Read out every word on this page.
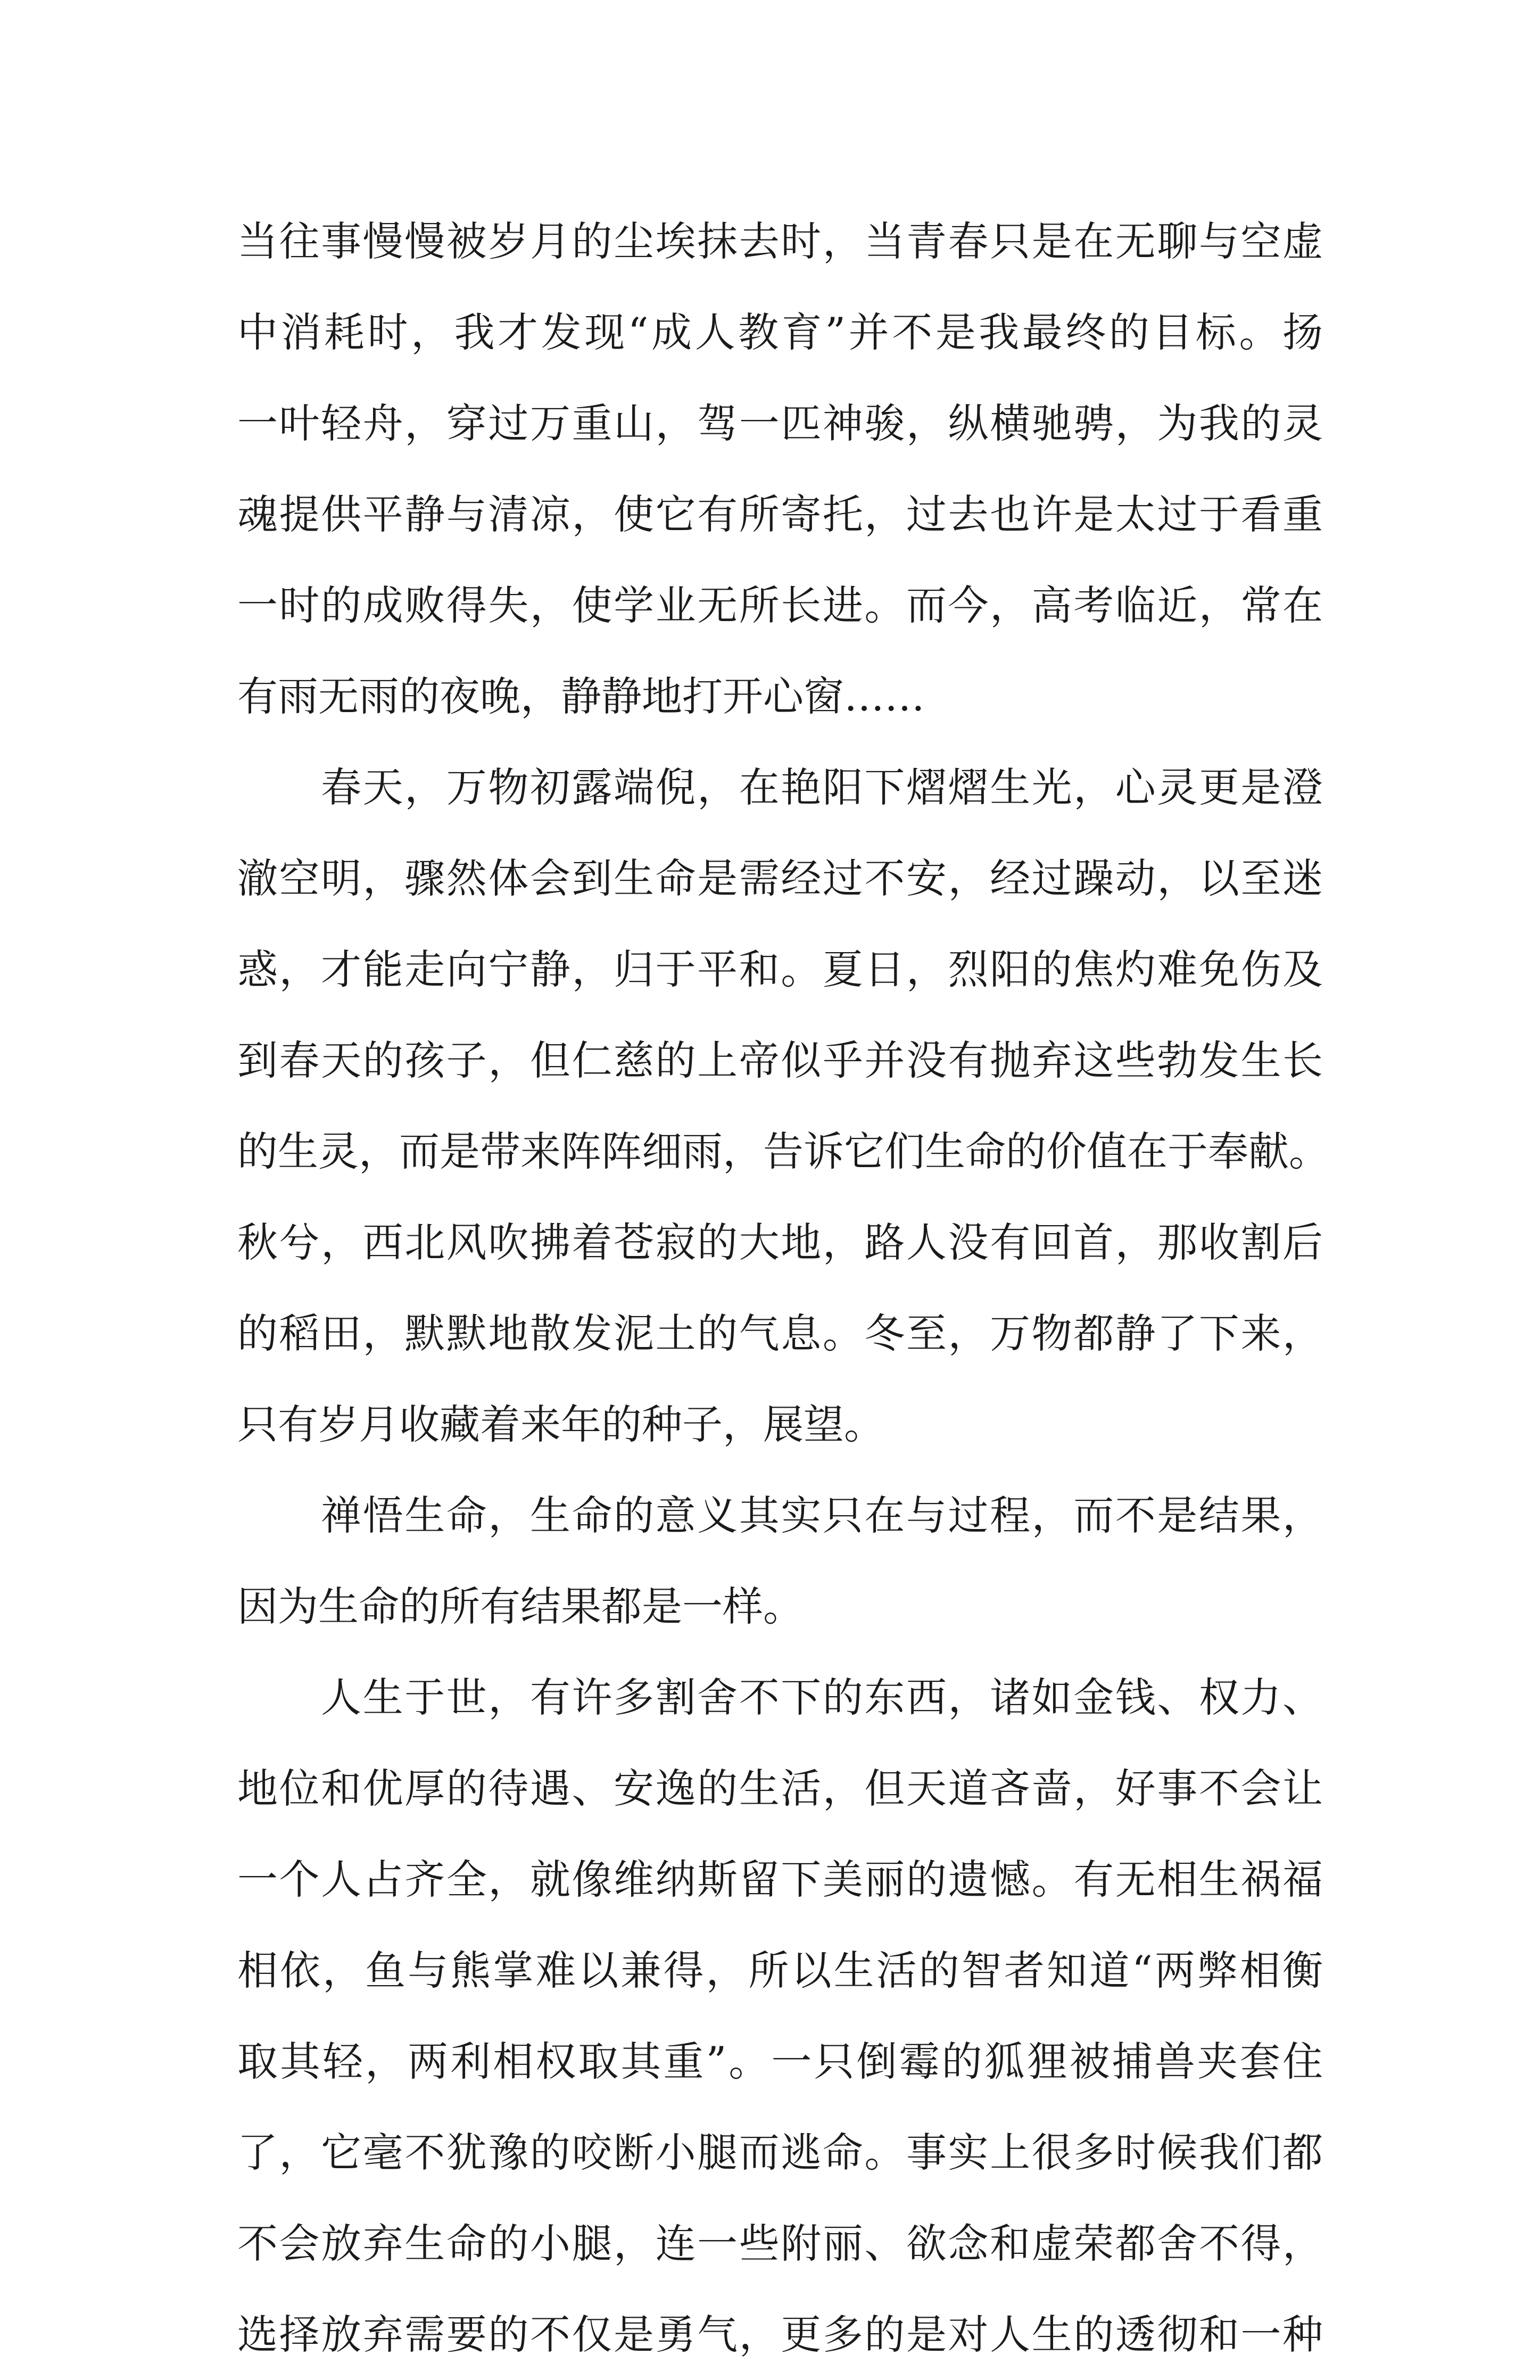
当往事慢慢被岁月的尘埃抹去时，当青春只是在无聊与空虚
中消耗时，我才发现“成人教育”并不是我最终的目标。扬
一叶轻舟，穿过万重山，驾一匹神骏，纵横驰骋，为我的灵
魂提供平静与清凉，使它有所寄托，过去也许是太过于看重
一时的成败得失，使学业无所长进。而今，高考临近，常在
有雨无雨的夜晚，静静地打开心窗……
　　春天，万物初露端倪，在艳阳下熠熠生光，心灵更是澄
澈空明，骤然体会到生命是需经过不安，经过躁动，以至迷
惑，才能走向宁静，归于平和。夏日，烈阳的焦灼难免伤及
到春天的孩子，但仁慈的上帝似乎并没有抛弃这些勃发生长
的生灵，而是带来阵阵细雨，告诉它们生命的价值在于奉献。
秋兮，西北风吹拂着苍寂的大地，路人没有回首，那收割后
的稻田，默默地散发泥土的气息。冬至，万物都静了下来，
只有岁月收藏着来年的种子，展望。
　　禅悟生命，生命的意义其实只在与过程，而不是结果，
因为生命的所有结果都是一样。
　　人生于世，有许多割舍不下的东西，诸如金钱、权力、
地位和优厚的待遇、安逸的生活，但天道吝啬，好事不会让
一个人占齐全，就像维纳斯留下美丽的遗憾。有无相生祸福
相依，鱼与熊掌难以兼得，所以生活的智者知道“两弊相衡
取其轻，两利相权取其重”。一只倒霉的狐狸被捕兽夹套住
了，它毫不犹豫的咬断小腿而逃命。事实上很多时候我们都
不会放弃生命的小腿，连一些附丽、欲念和虚荣都舍不得，
选择放弃需要的不仅是勇气，更多的是对人生的透彻和一种
